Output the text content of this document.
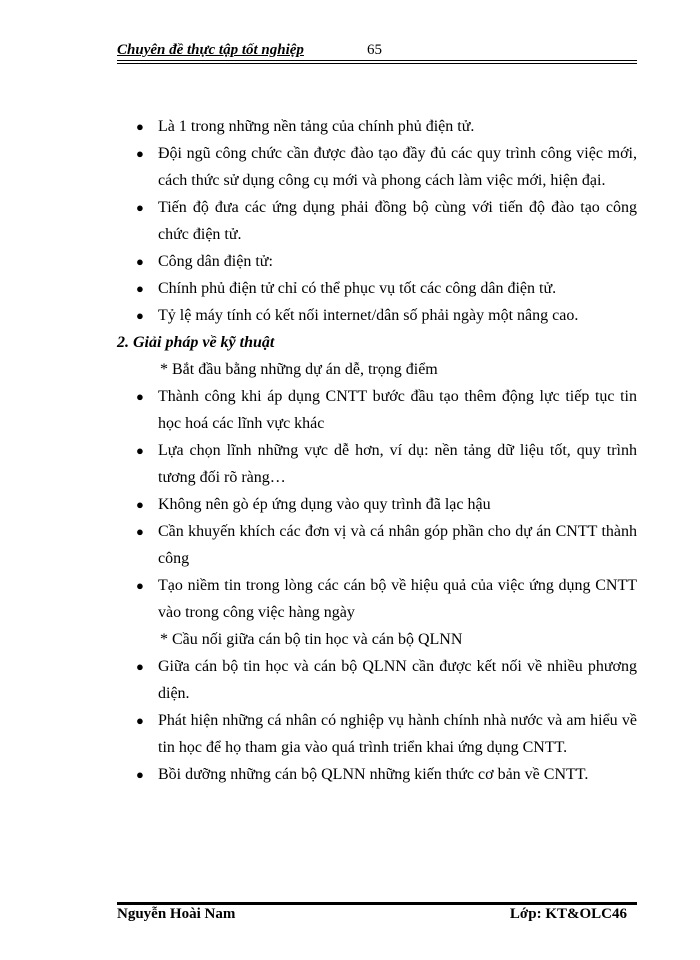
Chuyên đề thực tập tốt nghiệp	65
● Là 1 trong những nền tảng của chính phủ điện tử.
● Đội ngũ công chức cần được đào tạo đầy đủ các quy trình công việc mới, cách thức sử dụng công cụ mới và phong cách làm việc mới, hiện đại.
● Tiến độ đưa các ứng dụng phải đồng bộ cùng với tiến độ đào tạo công chức điện tử.
● Công dân điện tử:
● Chính phủ điện tử chỉ có thể phục vụ tốt các công dân điện tử.
● Tỷ lệ máy tính có kết nối internet/dân số phải ngày một nâng cao.
2. Giải pháp về kỹ thuật
* Bắt đầu bằng những dự án dễ, trọng điểm
● Thành công khi áp dụng CNTT bước đầu tạo thêm động lực tiếp tục tin học hoá các lĩnh vực khác
● Lựa chọn lĩnh những vực dễ hơn, ví dụ: nền tảng dữ liệu tốt, quy trình tương đối rõ ràng…
● Không nên gò ép ứng dụng vào quy trình đã lạc hậu
● Cần khuyến khích các đơn vị và cá nhân góp phần cho dự án CNTT thành công
● Tạo niềm tin trong lòng các cán bộ về hiệu quả của việc ứng dụng CNTT vào trong công việc hàng ngày
* Cầu nối giữa cán bộ tin học và cán bộ QLNN
● Giữa cán bộ tin học và cán bộ QLNN cần được kết nối về nhiều phương diện.
● Phát hiện những cá nhân có nghiệp vụ hành chính nhà nước và am hiểu về tin học để họ tham gia vào quá trình triển khai ứng dụng CNTT.
● Bồi dưỡng những cán bộ QLNN những kiến thức cơ bản về CNTT.
Nguyễn Hoài Nam	Lớp: KT&OLC46
